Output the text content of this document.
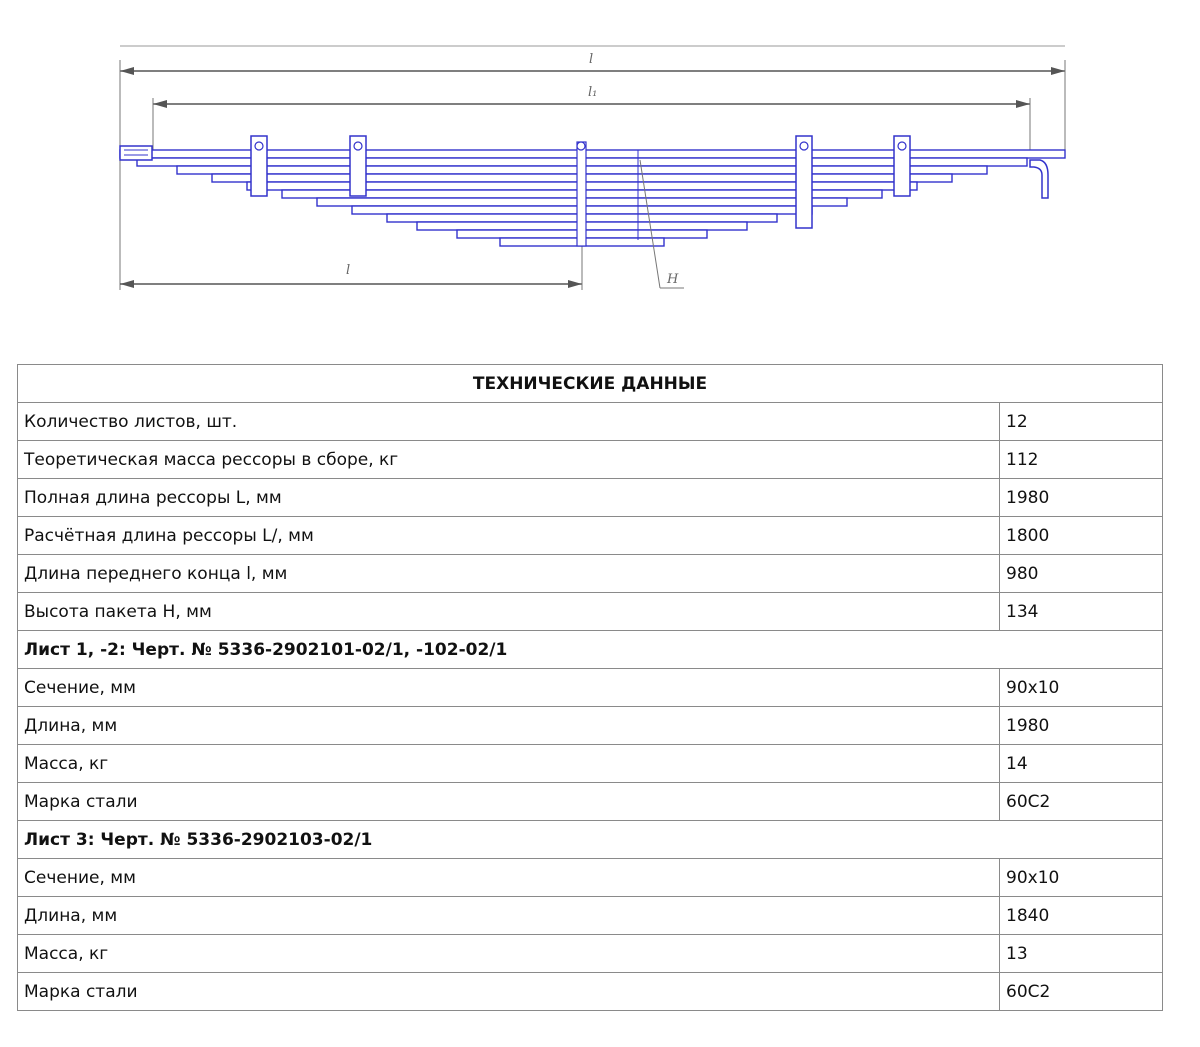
l
l₁
l
H
ТЕХНИЧЕСКИЕ ДАННЫЕ	
Количество листов, шт.	12
Теоретическая масса рессоры в сборе, кг	112
Полная длина рессоры L, мм	1980
Расчётная длина рессоры L/, мм	1800
Длина переднего конца l, мм	980
Высота пакета H, мм	134
Лист 1, -2: Черт. № 5336-2902101-02/1, -102-02/1	
Сечение, мм	90x10
Длина, мм	1980
Масса, кг	14
Марка стали	60С2
Лист 3: Черт. № 5336-2902103-02/1	
Сечение, мм	90x10
Длина, мм	1840
Масса, кг	13
Марка стали	60С2
